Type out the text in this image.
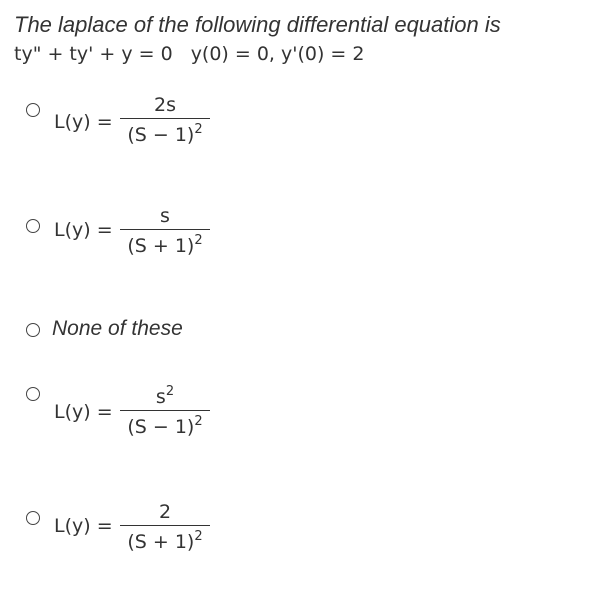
The laplace of the following differential equation is

ty" + ty' + y = 0 y(0) = 0, y'(0) = 2

L(y) =
2s
$(S - 1)^2$
L(y) =
s
$(S + 1)^2$
None of these
L(y) =
$s^2$
$(S - 1)^2$
L(y) =
2
$(S + 1)^2$
